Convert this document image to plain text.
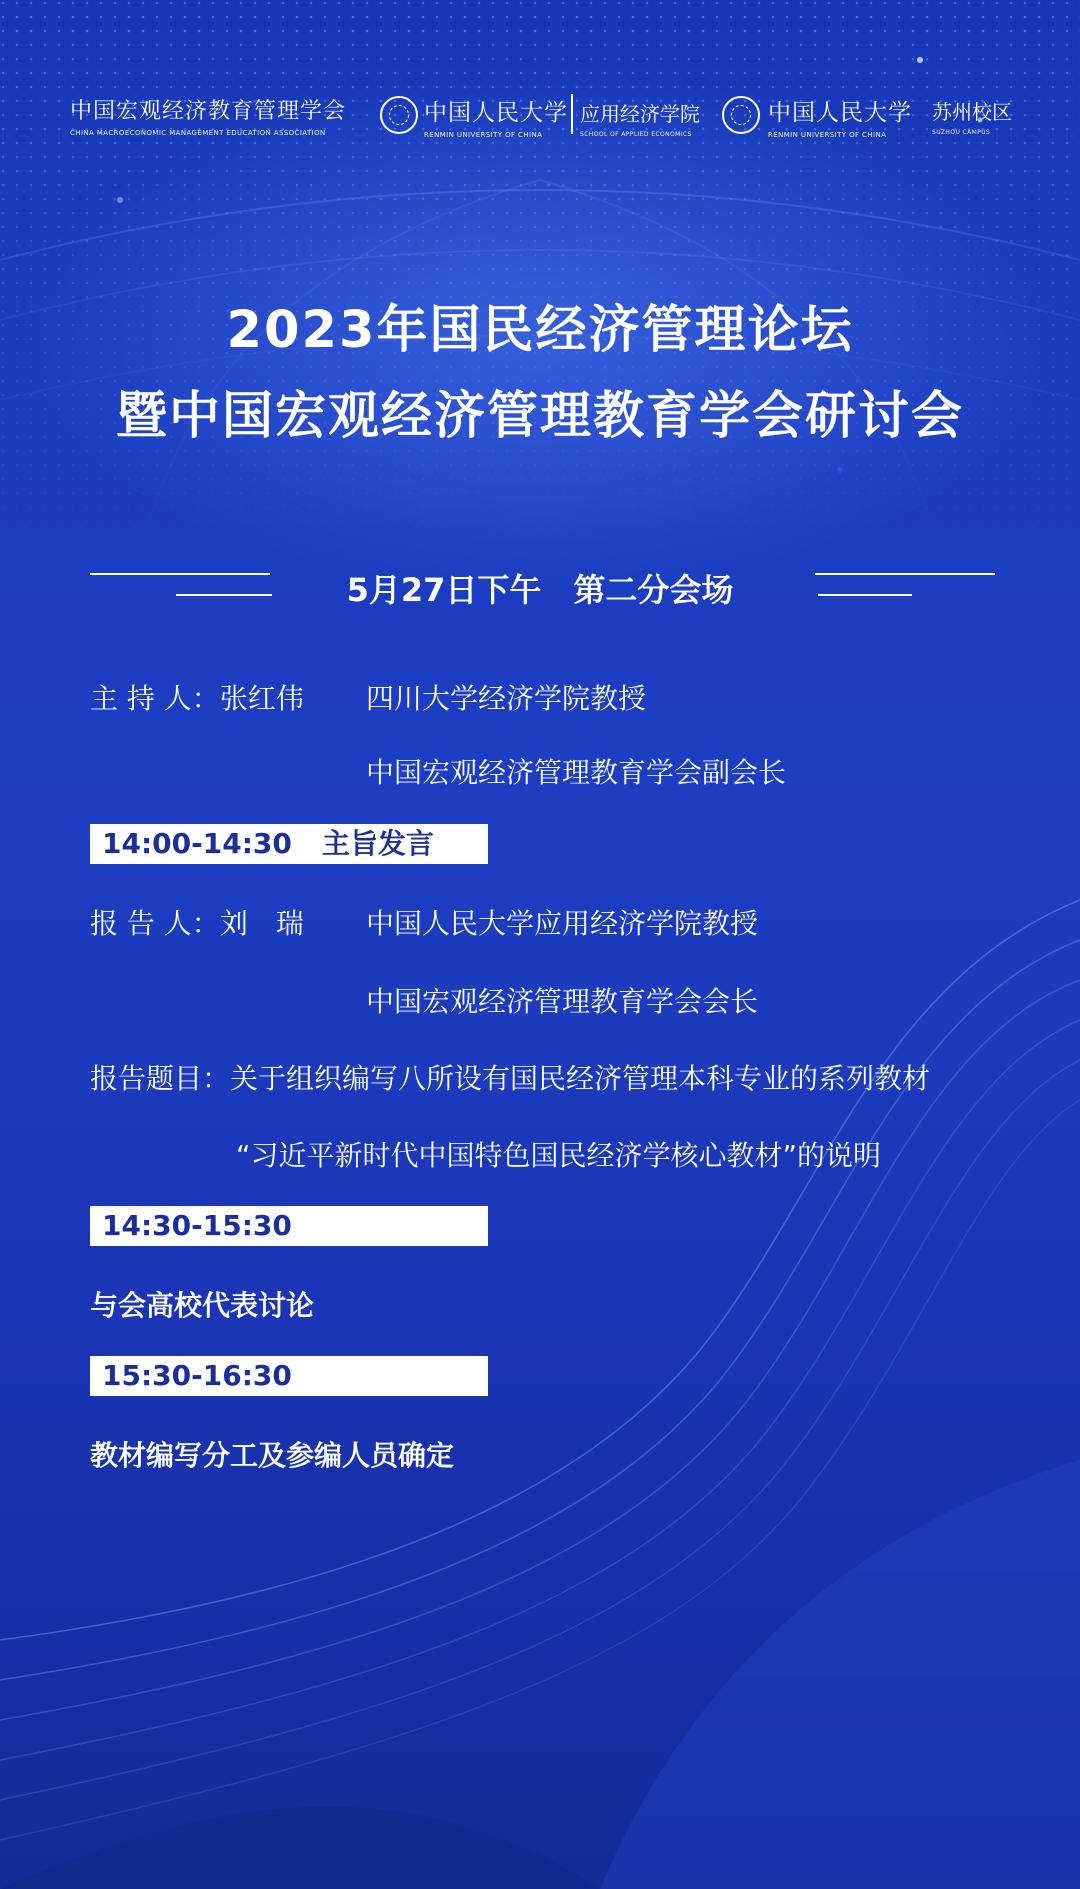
中国宏观经济教育管理学会
CHINA MACROECONOMIC MANAGEMENT EDUCATION ASSOCIATION
中国人民大学
RENMIN UNIVERSITY OF CHINA
应用经济学院
SCHOOL OF APPLIED ECONOMICS
中国人民大学
RENMIN UNIVERSITY OF CHINA
苏州校区
SUZHOU CAMPUS
2023年国民经济管理论坛
暨中国宏观经济管理教育学会研讨会
5月27日下午　第二分会场
主 持 人：张红伟 四川大学经济学院教授
中国宏观经济管理教育学会副会长
14:00-14:30 主旨发言
报 告 人：刘　瑞 中国人民大学应用经济学院教授
中国宏观经济管理教育学会会长
报告题目：关于组织编写八所设有国民经济管理本科专业的系列教材
“习近平新时代中国特色国民经济学核心教材”的说明
14:30-15:30
与会高校代表讨论
15:30-16:30
教材编写分工及参编人员确定
